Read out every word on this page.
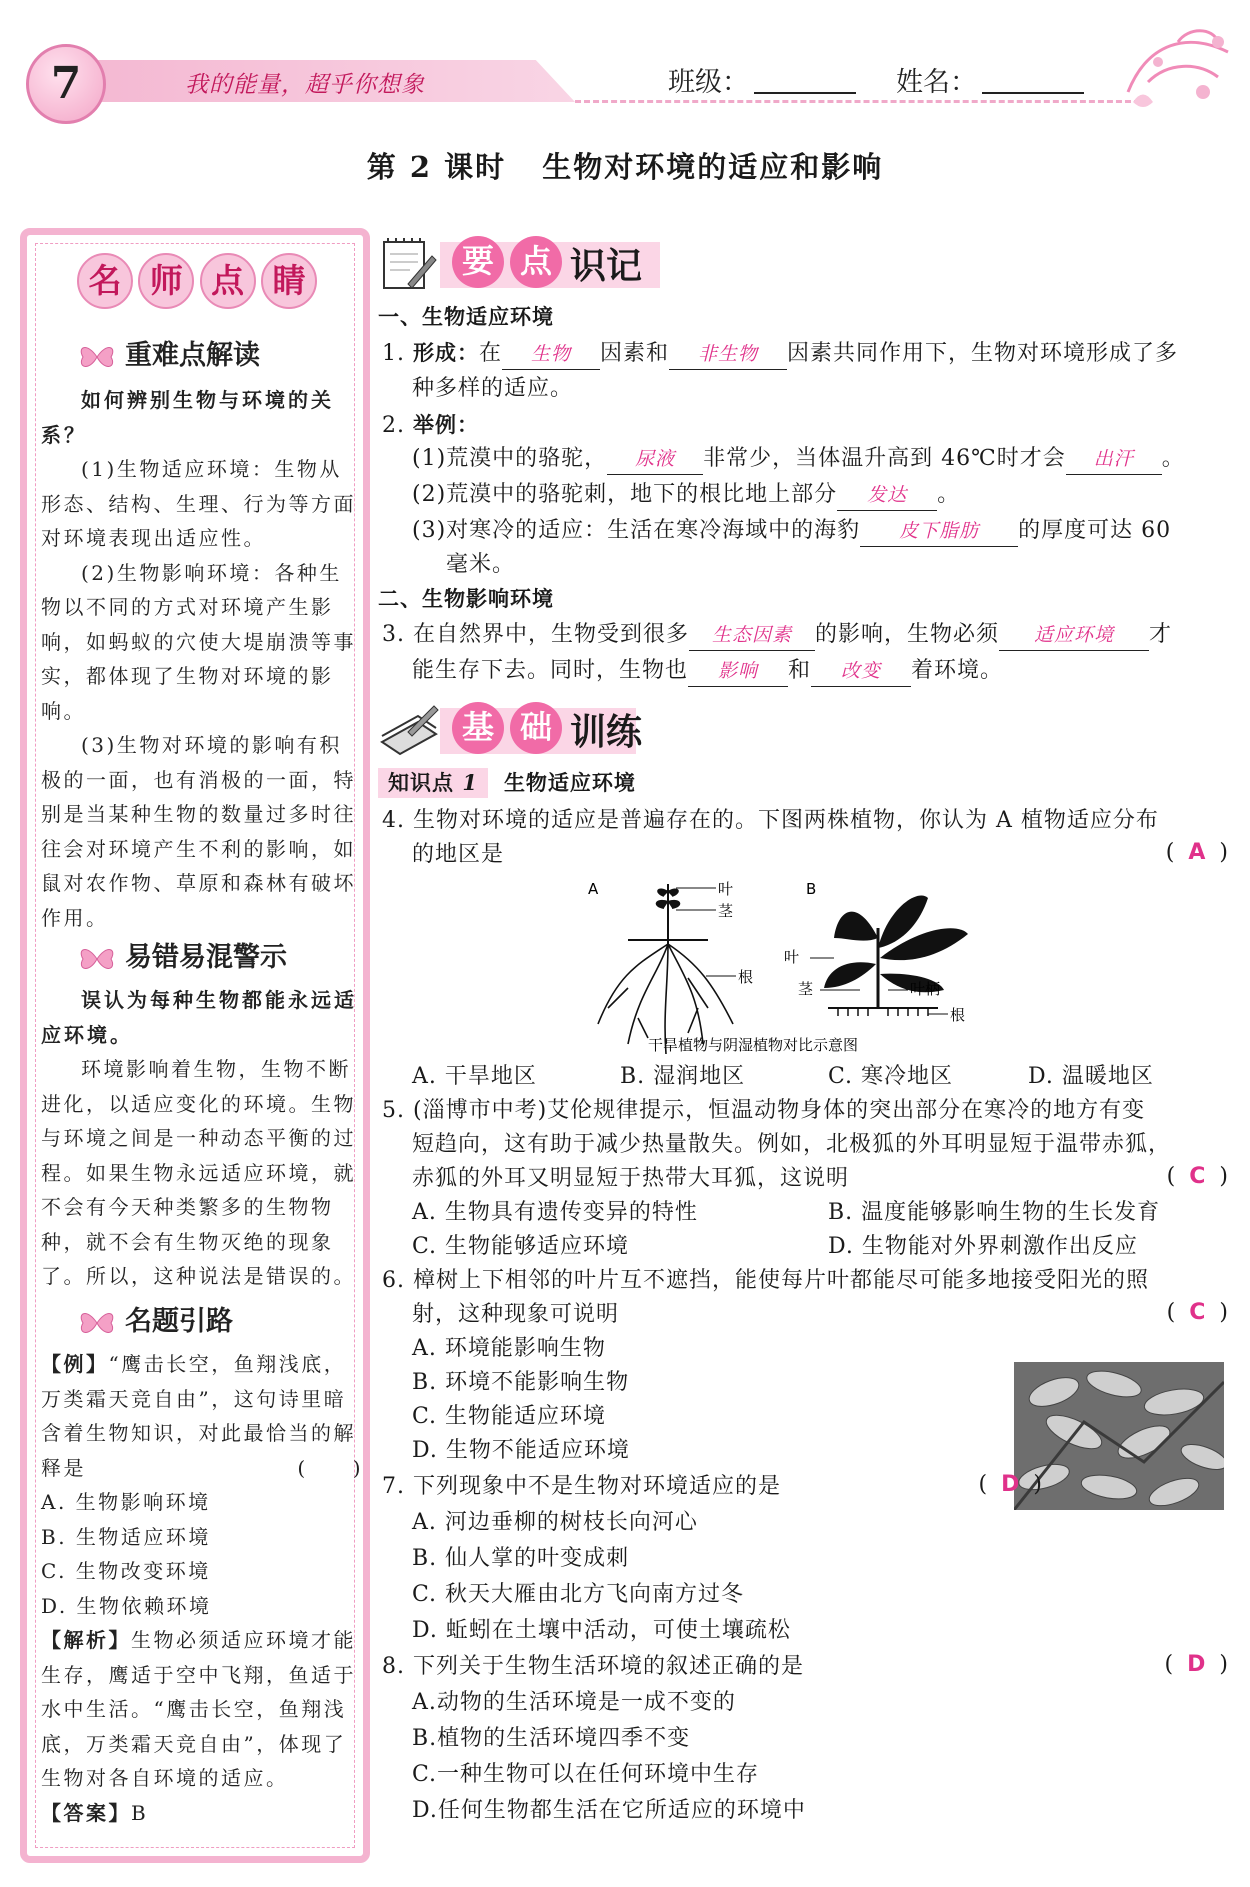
7	我的能量，超乎你想象	班级：	姓名：
第 2 课时 生物对环境的适应和影响
名 师 点 睛
重难点解读

如何辨别生物与环境的关系？

(1)生物适应环境：生物从形态、结构、生理、行为等方面对环境表现出适应性。

(2)生物影响环境：各种生物以不同的方式对环境产生影响，如蚂蚁的穴使大堤崩溃等事实，都体现了生物对环境的影响。

(3)生物对环境的影响有积极的一面，也有消极的一面，特别是当某种生物的数量过多时往往会对环境产生不利的影响，如鼠对农作物、草原和森林有破坏作用。

易错易混警示

误认为每种生物都能永远适应环境。

环境影响着生物，生物不断进化，以适应变化的环境。生物与环境之间是一种动态平衡的过程。如果生物永远适应环境，就不会有今天种类繁多的生物物种，就不会有生物灭绝的现象了。所以，这种说法是错误的。

名题引路

【例】“鹰击长空，鱼翔浅底，万类霜天竞自由”，这句诗里暗含着生物知识，对此最恰当的解释是	(　　)

A. 生物影响环境

B. 生物适应环境

C. 生物改变环境

D. 生物依赖环境

【解析】生物必须适应环境才能生存，鹰适于空中飞翔，鱼适于水中生活。“鹰击长空，鱼翔浅底，万类霜天竞自由”，体现了生物对各自环境的适应。

【答案】B

要 点 识记
一、生物适应环境
1. 形成：在 生物 因素和 非生物 因素共同作用下，生物对环境形成了多
种多样的适应。
2. 举例：
(1)荒漠中的骆驼， 尿液 非常少，当体温升高到 46℃时才会 出汗 。
(2)荒漠中的骆驼刺，地下的根比地上部分 发达 。
(3)对寒冷的适应：生活在寒冷海域中的海豹 皮下脂肪 的厚度可达 60
毫米。
二、生物影响环境
3. 在自然界中，生物受到很多 生态因素 的影响，生物必须 适应环境 才
能生存下去。同时，生物也 影响 和 改变 着环境。
基 础 训练
知识点 1 生物适应环境
4. 生物对环境的适应是普遍存在的。下图两株植物，你认为 A 植物适应分布
的地区是	( A )
A	叶
茎
根
B
叶
茎	叶柄
根
干旱植物与阴湿植物对比示意图
A. 干旱地区	B. 湿润地区	C. 寒冷地区	D. 温暖地区
5. (淄博市中考)艾伦规律提示，恒温动物身体的突出部分在寒冷的地方有变
短趋向，这有助于减少热量散失。例如，北极狐的外耳明显短于温带赤狐，
赤狐的外耳又明显短于热带大耳狐，这说明	( C )
A. 生物具有遗传变异的特性	B. 温度能够影响生物的生长发育
C. 生物能够适应环境	D. 生物能对外界刺激作出反应
6. 樟树上下相邻的叶片互不遮挡，能使每片叶都能尽可能多地接受阳光的照
射，这种现象可说明	( C )
A. 环境能影响生物
B. 环境不能影响生物
C. 生物能适应环境
D. 生物不能适应环境
7. 下列现象中不是生物对环境适应的是	( D )
A. 河边垂柳的树枝长向河心
B. 仙人掌的叶变成刺
C. 秋天大雁由北方飞向南方过冬
D. 蚯蚓在土壤中活动，可使土壤疏松
8. 下列关于生物生活环境的叙述正确的是	( D )
A.动物的生活环境是一成不变的
B.植物的生活环境四季不变
C.一种生物可以在任何环境中生存
D.任何生物都生活在它所适应的环境中
